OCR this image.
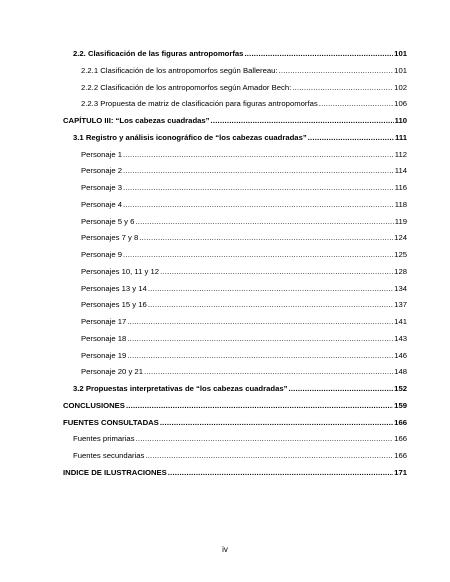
2.2. Clasificación de las figuras antropomorfas .....	101
2.2.1 Clasificación de los antropomorfos según Ballereau: .....	101
2.2.2 Clasificación de los antropomorfos según Amador Bech: .....	102
2.2.3 Propuesta de matriz de clasificación para figuras antropomorfas .....	106
CAPÍTULO III: “Los cabezas cuadradas” .....	110
3.1 Registro y análisis iconográfico de “los cabezas cuadradas” .....	111
Personaje 1 .....	112
Personaje 2 .....	114
Personaje 3 .....	116
Personaje 4 .....	118
Personaje 5 y 6 .....	119
Personajes 7 y 8 .....	124
Personaje 9 .....	125
Personajes 10, 11 y 12 .....	128
Personajes 13 y 14 .....	134
Personajes 15 y 16 .....	137
Personaje 17 .....	141
Personaje 18 .....	143
Personaje 19 .....	146
Personaje 20 y 21 .....	148
3.2 Propuestas interpretativas de “los cabezas cuadradas” .....	152
CONCLUSIONES .....	159
FUENTES CONSULTADAS .....	166
Fuentes primarias .....	166
Fuentes secundarias .....	166
INDICE DE ILUSTRACIONES .....	171
iv
